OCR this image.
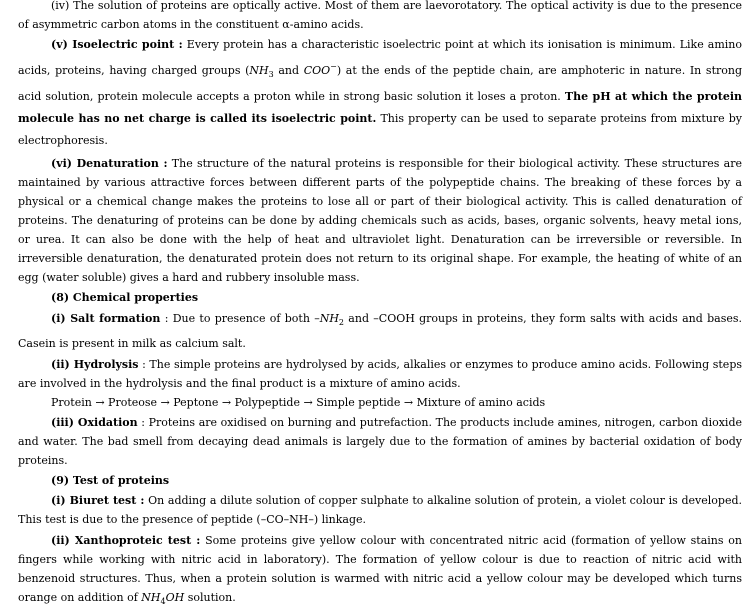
(iv) The solution of proteins are optically active. Most of them are laevorotatory. The optical activity is due to the presence of asymmetric carbon atoms in the constituent α-amino acids.

(v) Isoelectric point : Every protein has a characteristic isoelectric point at which its ionisation is minimum. Like amino acids, proteins, having charged groups ($NH_3$ and COO−) at the ends of the peptide chain, are amphoteric in nature. In strong acid solution, protein molecule accepts a proton while in strong basic solution it loses a proton. The pH at which the protein molecule has no net charge is called its isoelectric point. This property can be used to separate proteins from mixture by electrophoresis.

(vi) Denaturation : The structure of the natural proteins is responsible for their biological activity. These structures are maintained by various attractive forces between different parts of the polypeptide chains. The breaking of these forces by a physical or a chemical change makes the proteins to lose all or part of their biological activity. This is called denaturation of proteins. The denaturing of proteins can be done by adding chemicals such as acids, bases, organic solvents, heavy metal ions, or urea. It can also be done with the help of heat and ultraviolet light. Denaturation can be irreversible or reversible. In irreversible denaturation, the denaturated protein does not return to its original shape. For example, the heating of white of an egg (water soluble) gives a hard and rubbery insoluble mass.

(8) Chemical properties

(i) Salt formation : Due to presence of both $-NH_2$ and –COOH groups in proteins, they form salts with acids and bases. Casein is present in milk as calcium salt.

(ii) Hydrolysis : The simple proteins are hydrolysed by acids, alkalies or enzymes to produce amino acids. Following steps are involved in the hydrolysis and the final product is a mixture of amino acids.

Protein → Proteose → Peptone → Polypeptide → Simple peptide → Mixture of amino acids

(iii) Oxidation : Proteins are oxidised on burning and putrefaction. The products include amines, nitrogen, carbon dioxide and water. The bad smell from decaying dead animals is largely due to the formation of amines by bacterial oxidation of body proteins.

(9) Test of proteins

(i) Biuret test : On adding a dilute solution of copper sulphate to alkaline solution of protein, a violet colour is developed. This test is due to the presence of peptide (–CO–NH–) linkage.

(ii) Xanthoproteic test : Some proteins give yellow colour with concentrated nitric acid (formation of yellow stains on fingers while working with nitric acid in laboratory). The formation of yellow colour is due to reaction of nitric acid with benzenoid structures. Thus, when a protein solution is warmed with nitric acid a yellow colour may be developed which turns orange on addition of $NH_4OH$ solution.
